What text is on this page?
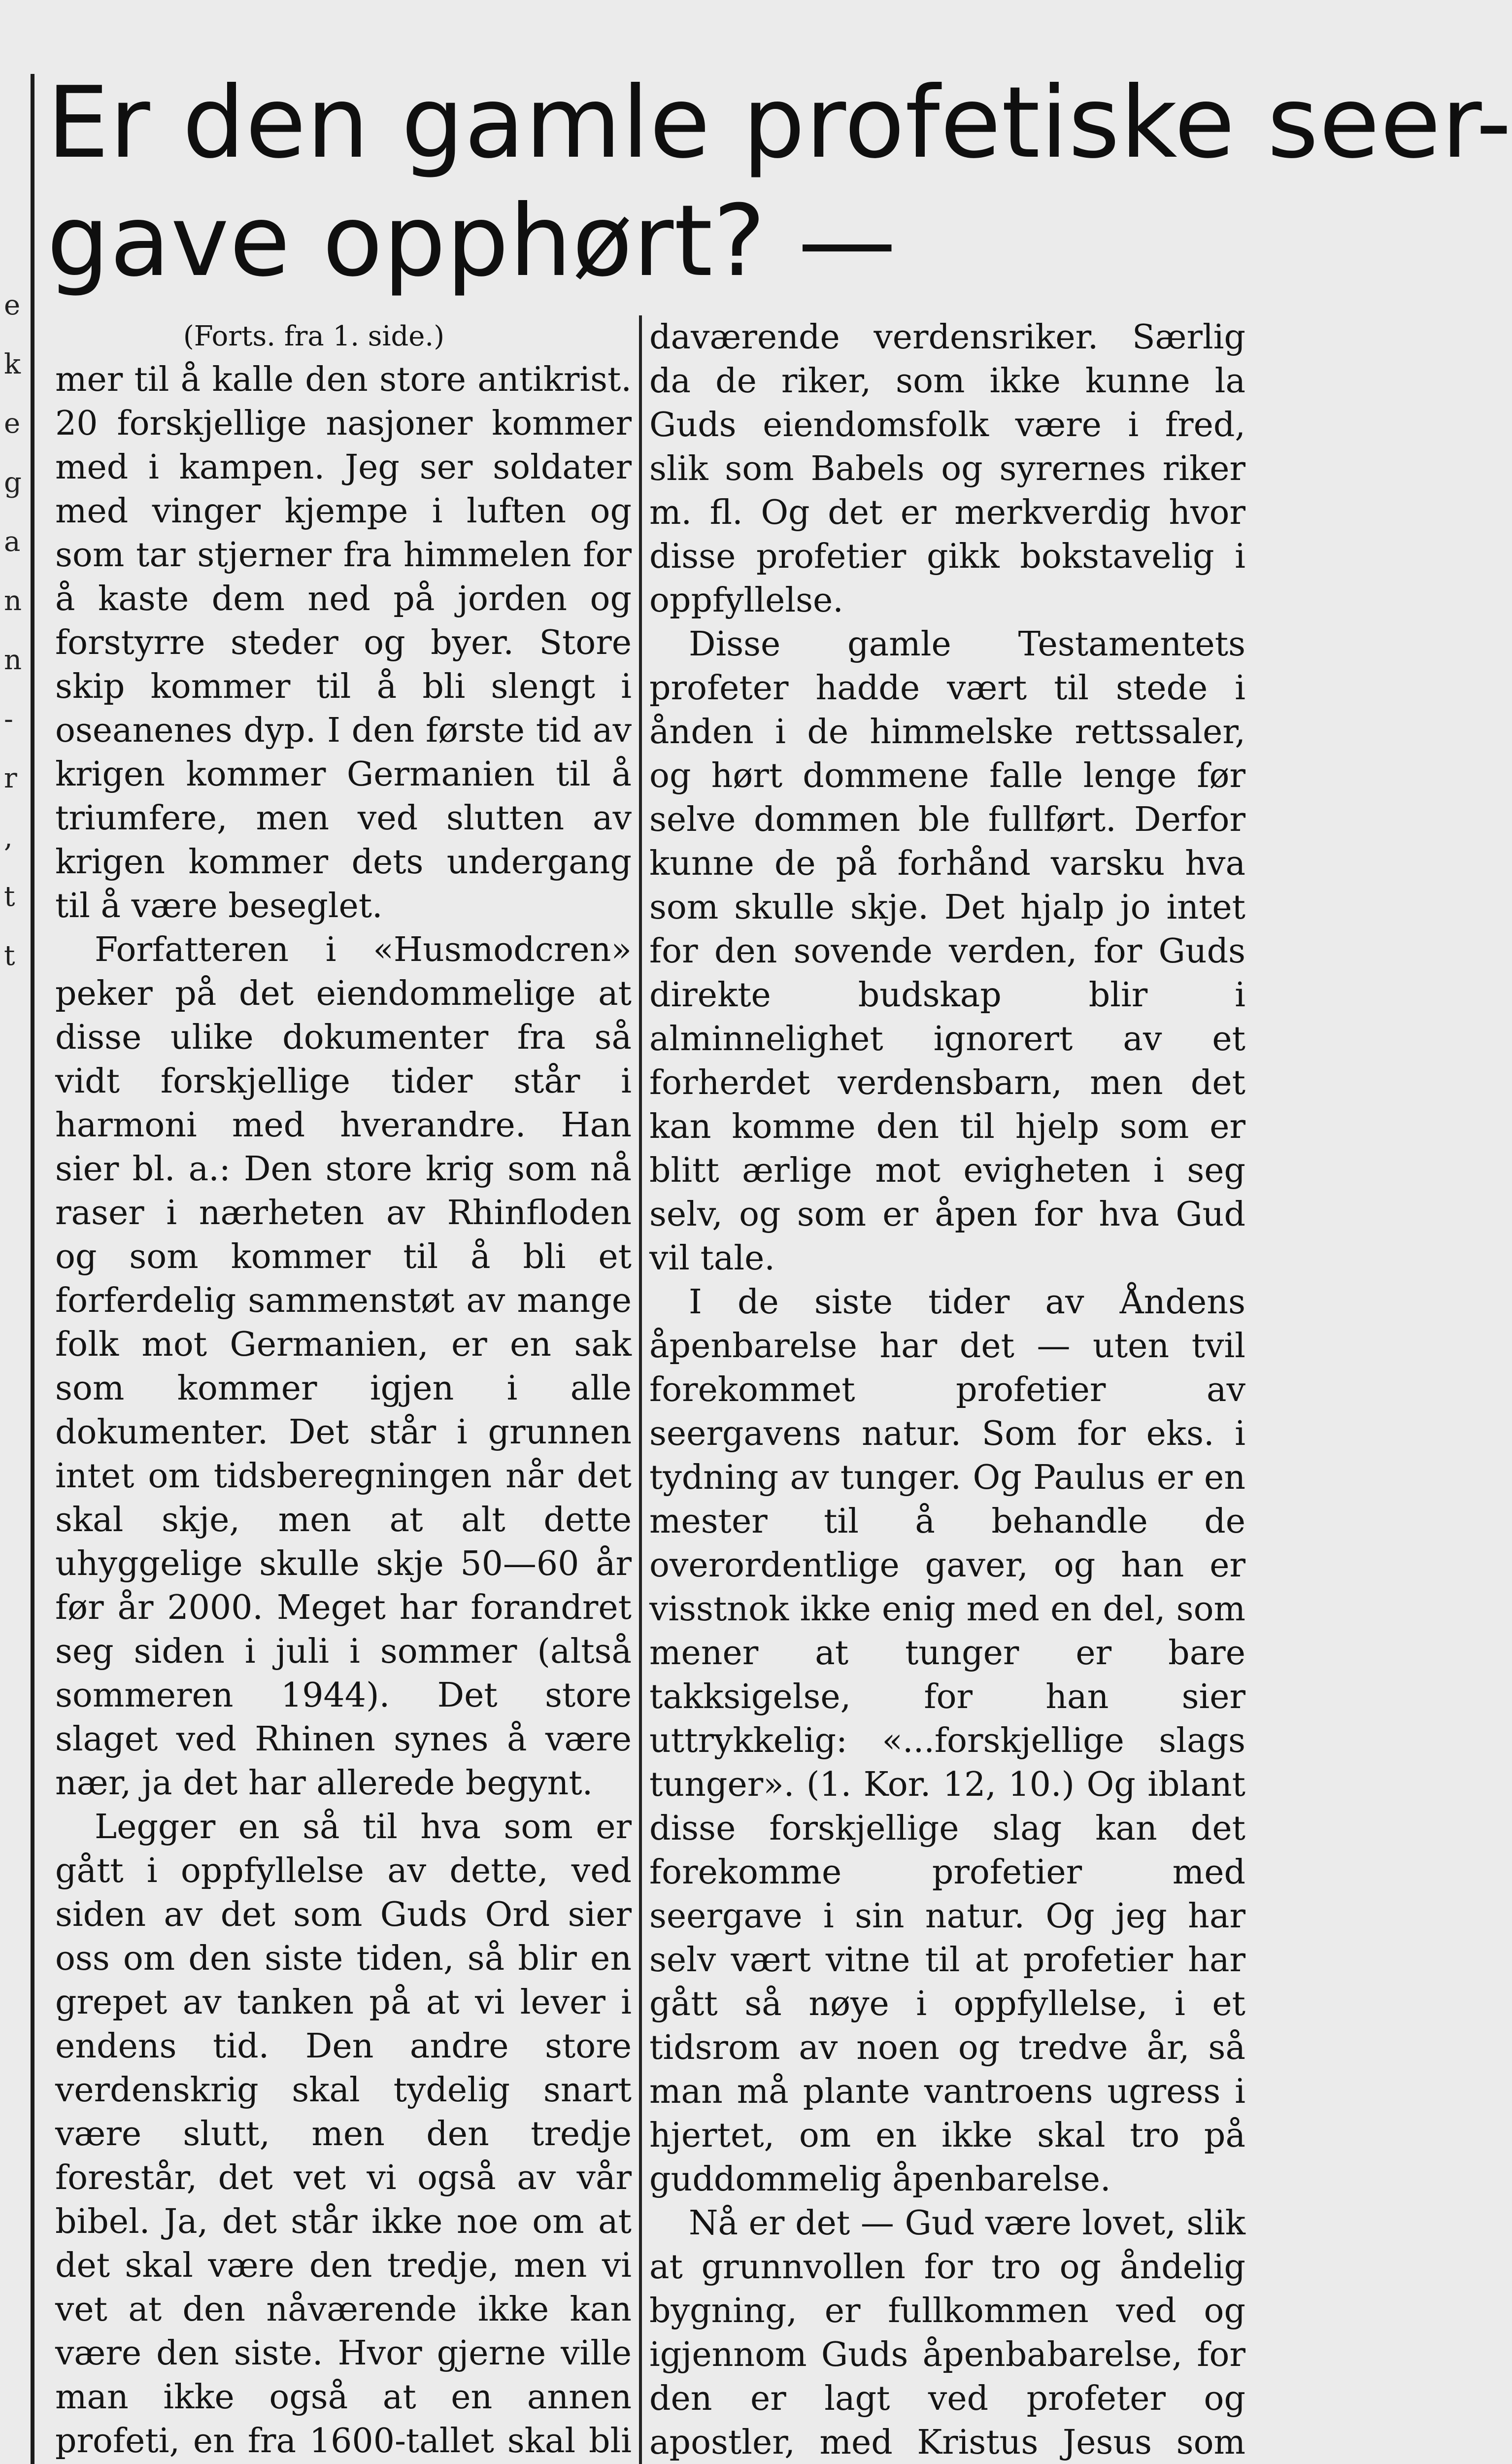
e
k
e
g
a
n
n
-
r
,
t
t
Er den gamle profetiske seer-
gave opphørt? —
(Forts. fra 1. side.)

mer til å kalle den store antikrist. 20 forskjellige nasjoner kommer med i kampen. Jeg ser soldater med vinger kjempe i luften og som tar stjerner fra himmelen for å kaste dem ned på jorden og forstyrre steder og byer. Store skip kommer til å bli slengt i oseanenes dyp. I den første tid av krigen kommer Germanien til å triumfere, men ved slutten av krigen kommer dets undergang til å være beseglet.

Forfatteren i «Husmodcren» peker på det eiendommelige at disse ulike dokumenter fra så vidt forskjellige tider står i harmoni med hverandre. Han sier bl. a.: Den store krig som nå raser i nærheten av Rhinfloden og som kommer til å bli et forferdelig sammenstøt av mange folk mot Germanien, er en sak som kommer igjen i alle dokumenter. Det står i grunnen intet om tidsberegningen når det skal skje, men at alt dette uhyggelige skulle skje 50—60 år før år 2000. Meget har forandret seg siden i juli i sommer (altså sommeren 1944). Det store slaget ved Rhinen synes å være nær, ja det har allerede begynt.

Legger en så til hva som er gått i oppfyllelse av dette, ved siden av det som Guds Ord sier oss om den siste tiden, så blir en grepet av tanken på at vi lever i endens tid. Den andre store verdenskrig skal tydelig snart være slutt, men den tredje forestår, det vet vi også av vår bibel. Ja, det står ikke noe om at det skal være den tredje, men vi vet at den nåværende ikke kan være den siste. Hvor gjerne ville man ikke også at en annen profeti, en fra 1600-tallet skal bli

daværende verdensriker. Særlig da de riker, som ikke kunne la Guds eiendomsfolk være i fred, slik som Babels og syrernes riker m. fl. Og det er merkverdig hvor disse profetier gikk bokstavelig i oppfyllelse.

Disse gamle Testamentets profeter hadde vært til stede i ånden i de himmelske rettssaler, og hørt dommene falle lenge før selve dommen ble fullført. Derfor kunne de på forhånd varsku hva som skulle skje. Det hjalp jo intet for den sovende verden, for Guds direkte budskap blir i alminnelighet ignorert av et forherdet verdensbarn, men det kan komme den til hjelp som er blitt ærlige mot evigheten i seg selv, og som er åpen for hva Gud vil tale.

I de siste tider av Åndens åpenbarelse har det — uten tvil forekommet profetier av seergavens natur. Som for eks. i tydning av tunger. Og Paulus er en mester til å behandle de overordentlige gaver, og han er visstnok ikke enig med en del, som mener at tunger er bare takksigelse, for han sier uttrykkelig: «...forskjellige slags tunger». (1. Kor. 12, 10.) Og iblant disse forskjellige slag kan det forekomme profetier med seergave i sin natur. Og jeg har selv vært vitne til at profetier har gått så nøye i oppfyllelse, i et tidsrom av noen og tredve år, så man må plante vantroens ugress i hjertet, om en ikke skal tro på guddommelig åpenbarelse.

Nå er det — Gud være lovet, slik at grunnvollen for tro og åndelig bygning, er fullkommen ved og igjennom Guds åpenbabarelse, for den er lagt ved profeter og apostler, med Kristus Jesus som
